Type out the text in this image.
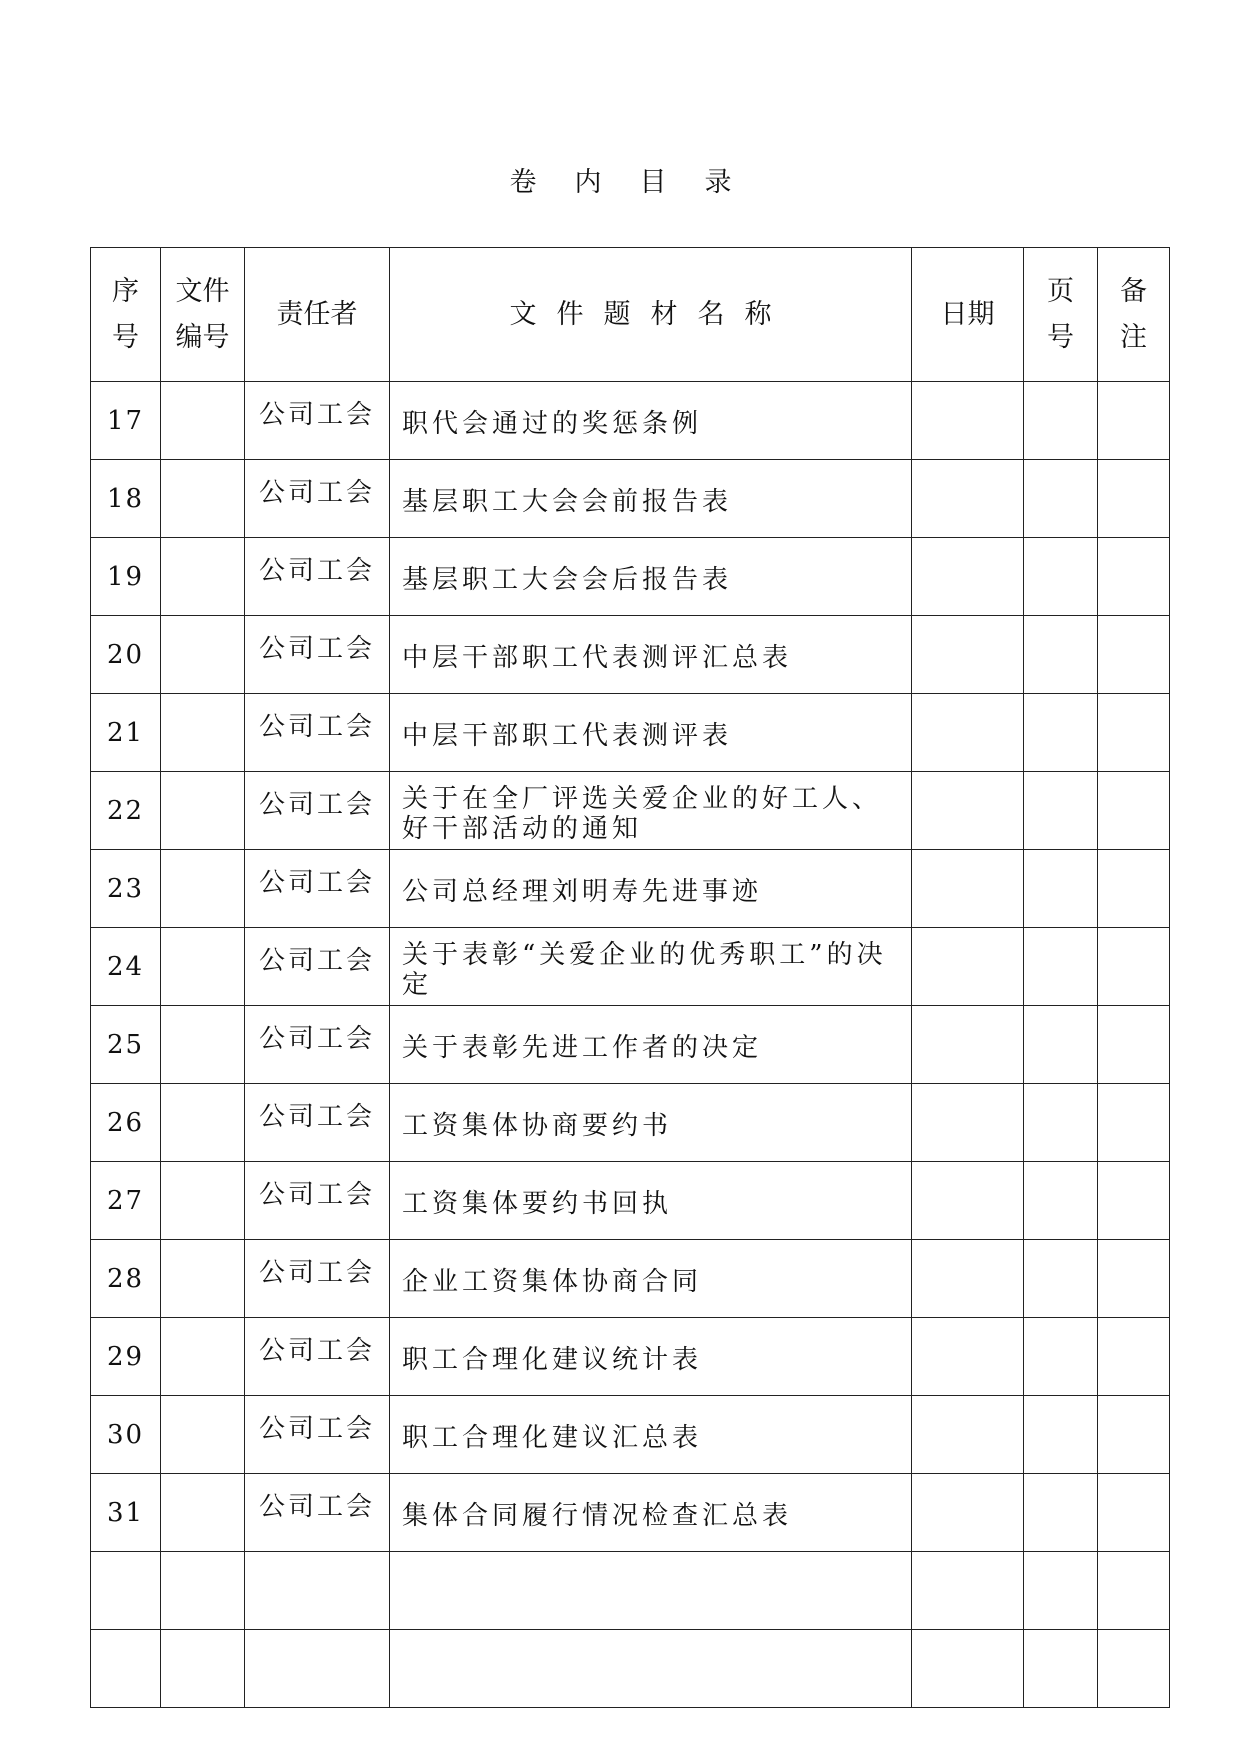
卷内目录
序号	文件编号	责任者	文件题材名称	日期	页号	备注
17		公司工会	职代会通过的奖惩条例			
18		公司工会	基层职工大会会前报告表			
19		公司工会	基层职工大会会后报告表			
20		公司工会	中层干部职工代表测评汇总表			
21		公司工会	中层干部职工代表测评表			
22		公司工会	关于在全厂评选关爱企业的好工人、好干部活动的通知			
23		公司工会	公司总经理刘明寿先进事迹			
24		公司工会	关于表彰“关爱企业的优秀职工”的决定			
25		公司工会	关于表彰先进工作者的决定			
26		公司工会	工资集体协商要约书			
27		公司工会	工资集体要约书回执			
28		公司工会	企业工资集体协商合同			
29		公司工会	职工合理化建议统计表			
30		公司工会	职工合理化建议汇总表			
31		公司工会	集体合同履行情况检查汇总表			
